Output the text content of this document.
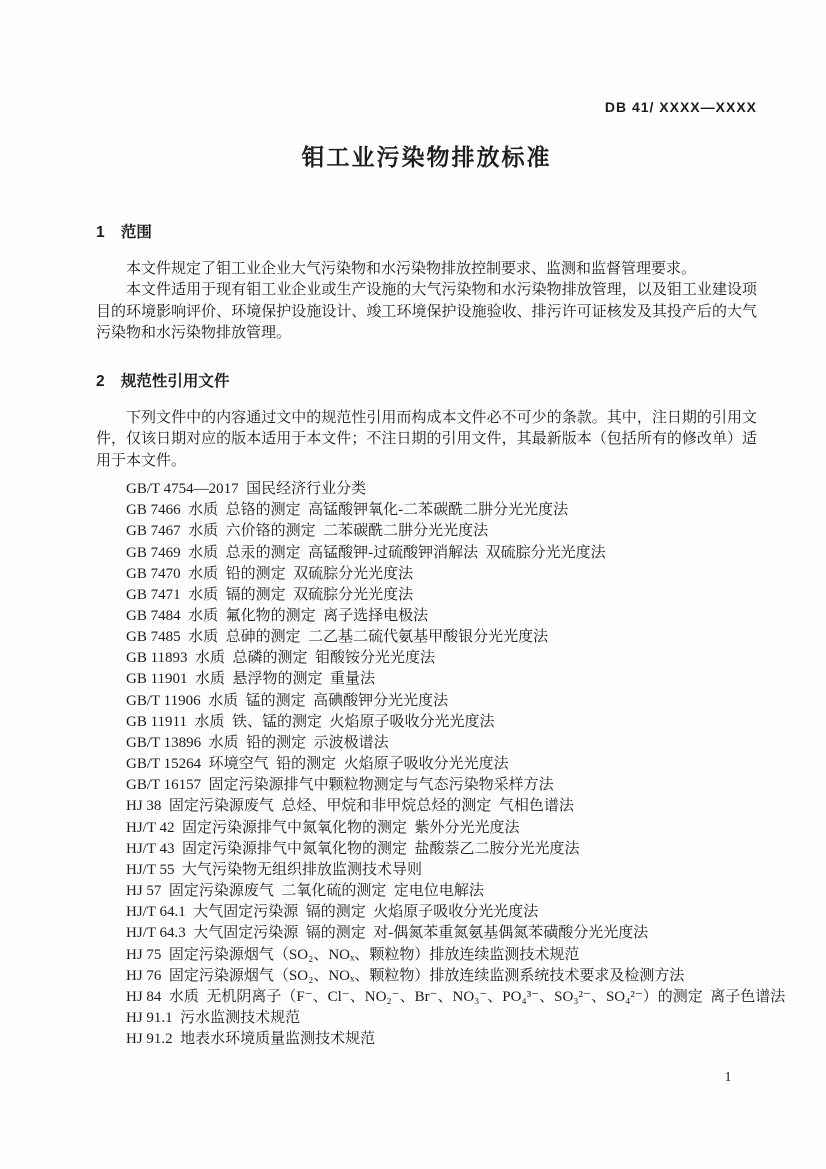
DB 41/ XXXX—XXXX
钼工业污染物排放标准
1 范围

本文件规定了钼工业企业大气污染物和水污染物排放控制要求、监测和监督管理要求。

本文件适用于现有钼工业企业或生产设施的大气污染物和水污染物排放管理，以及钼工业建设项目的环境影响评价、环境保护设施设计、竣工环境保护设施验收、排污许可证核发及其投产后的大气污染物和水污染物排放管理。

2 规范性引用文件

下列文件中的内容通过文中的规范性引用而构成本文件必不可少的条款。其中，注日期的引用文件，仅该日期对应的版本适用于本文件；不注日期的引用文件，其最新版本（包括所有的修改单）适用于本文件。

GB/T 4754—2017  国民经济行业分类
GB 7466  水质  总铬的测定  高锰酸钾氧化-二苯碳酰二肼分光光度法
GB 7467  水质  六价铬的测定  二苯碳酰二肼分光光度法
GB 7469  水质  总汞的测定  高锰酸钾-过硫酸钾消解法  双硫腙分光光度法
GB 7470  水质  铅的测定  双硫腙分光光度法
GB 7471  水质  镉的测定  双硫腙分光光度法
GB 7484  水质  氟化物的测定  离子选择电极法
GB 7485  水质  总砷的测定  二乙基二硫代氨基甲酸银分光光度法
GB 11893  水质  总磷的测定  钼酸铵分光光度法
GB 11901  水质  悬浮物的测定  重量法
GB/T 11906  水质  锰的测定  高碘酸钾分光光度法
GB 11911  水质  铁、锰的测定  火焰原子吸收分光光度法
GB/T 13896  水质  铅的测定  示波极谱法
GB/T 15264  环境空气  铅的测定  火焰原子吸收分光光度法
GB/T 16157  固定污染源排气中颗粒物测定与气态污染物采样方法
HJ 38  固定污染源废气  总烃、甲烷和非甲烷总烃的测定  气相色谱法
HJ/T 42  固定污染源排气中氮氧化物的测定  紫外分光光度法
HJ/T 43  固定污染源排气中氮氧化物的测定  盐酸萘乙二胺分光光度法
HJ/T 55  大气污染物无组织排放监测技术导则
HJ 57  固定污染源废气  二氧化硫的测定  定电位电解法
HJ/T 64.1  大气固定污染源  镉的测定  火焰原子吸收分光光度法
HJ/T 64.3  大气固定污染源  镉的测定  对-偶氮苯重氮氨基偶氮苯磺酸分光光度法
HJ 75  固定污染源烟气（SO₂、NOₓ、颗粒物）排放连续监测技术规范
HJ 76  固定污染源烟气（SO₂、NOₓ、颗粒物）排放连续监测系统技术要求及检测方法
HJ 84  水质  无机阴离子（F⁻、Cl⁻、NO₂⁻、Br⁻、NO₃⁻、PO₄³⁻、SO₃²⁻、SO₄²⁻）的测定  离子色谱法
HJ 91.1  污水监测技术规范
HJ 91.2  地表水环境质量监测技术规范
1
